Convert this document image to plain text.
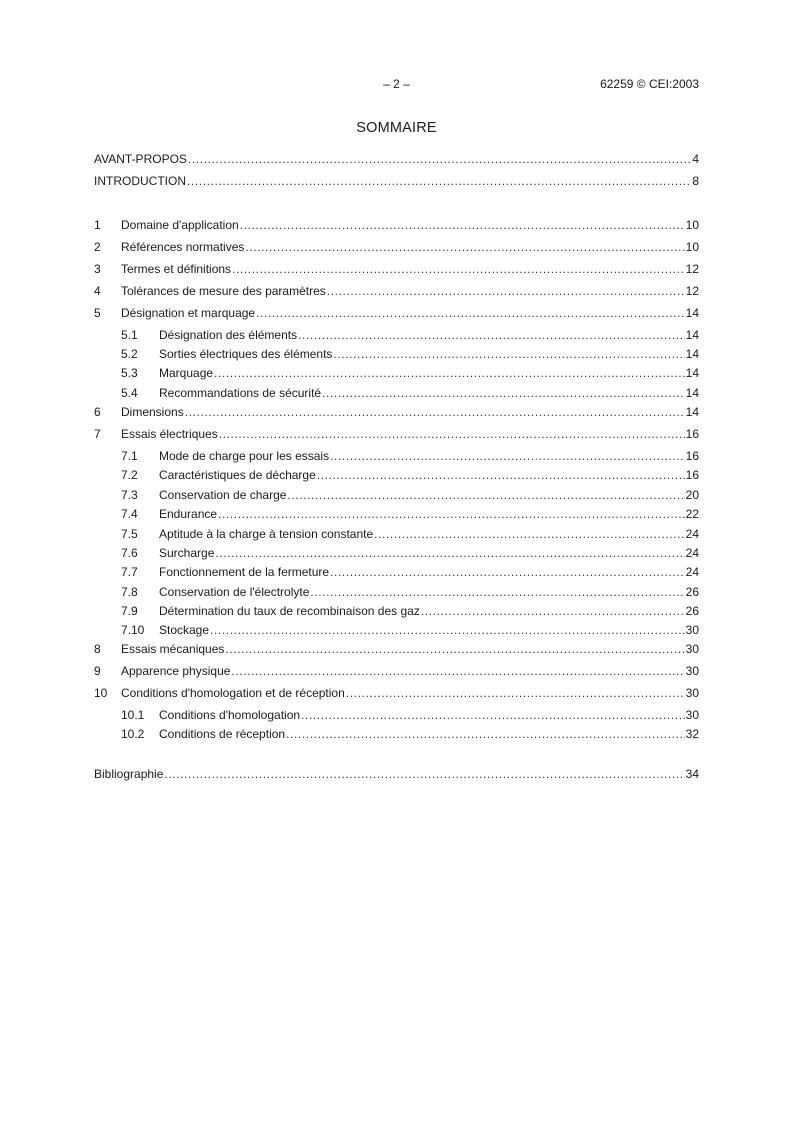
– 2 –	62259 © CEI:2003
SOMMAIRE
AVANT-PROPOS .....	4
INTRODUCTION .....	8
1	Domaine d'application .....	10
2	Références normatives .....	10
3	Termes et définitions .....	12
4	Tolérances de mesure des paramètres .....	12
5	Désignation et marquage .....	14
5.1	Désignation des éléments .....	14
5.2	Sorties électriques des éléments .....	14
5.3	Marquage .....	14
5.4	Recommandations de sécurité .....	14
6	Dimensions .....	14
7	Essais électriques .....	16
7.1	Mode de charge pour les essais .....	16
7.2	Caractéristiques de décharge .....	16
7.3	Conservation de charge .....	20
7.4	Endurance .....	22
7.5	Aptitude à la charge à tension constante .....	24
7.6	Surcharge .....	24
7.7	Fonctionnement de la fermeture .....	24
7.8	Conservation de l'électrolyte .....	26
7.9	Détermination du taux de recombinaison des gaz .....	26
7.10	Stockage .....	30
8	Essais mécaniques .....	30
9	Apparence physique .....	30
10	Conditions d'homologation et de réception .....	30
10.1	Conditions d'homologation .....	30
10.2	Conditions de réception .....	32
Bibliographie .....	34
